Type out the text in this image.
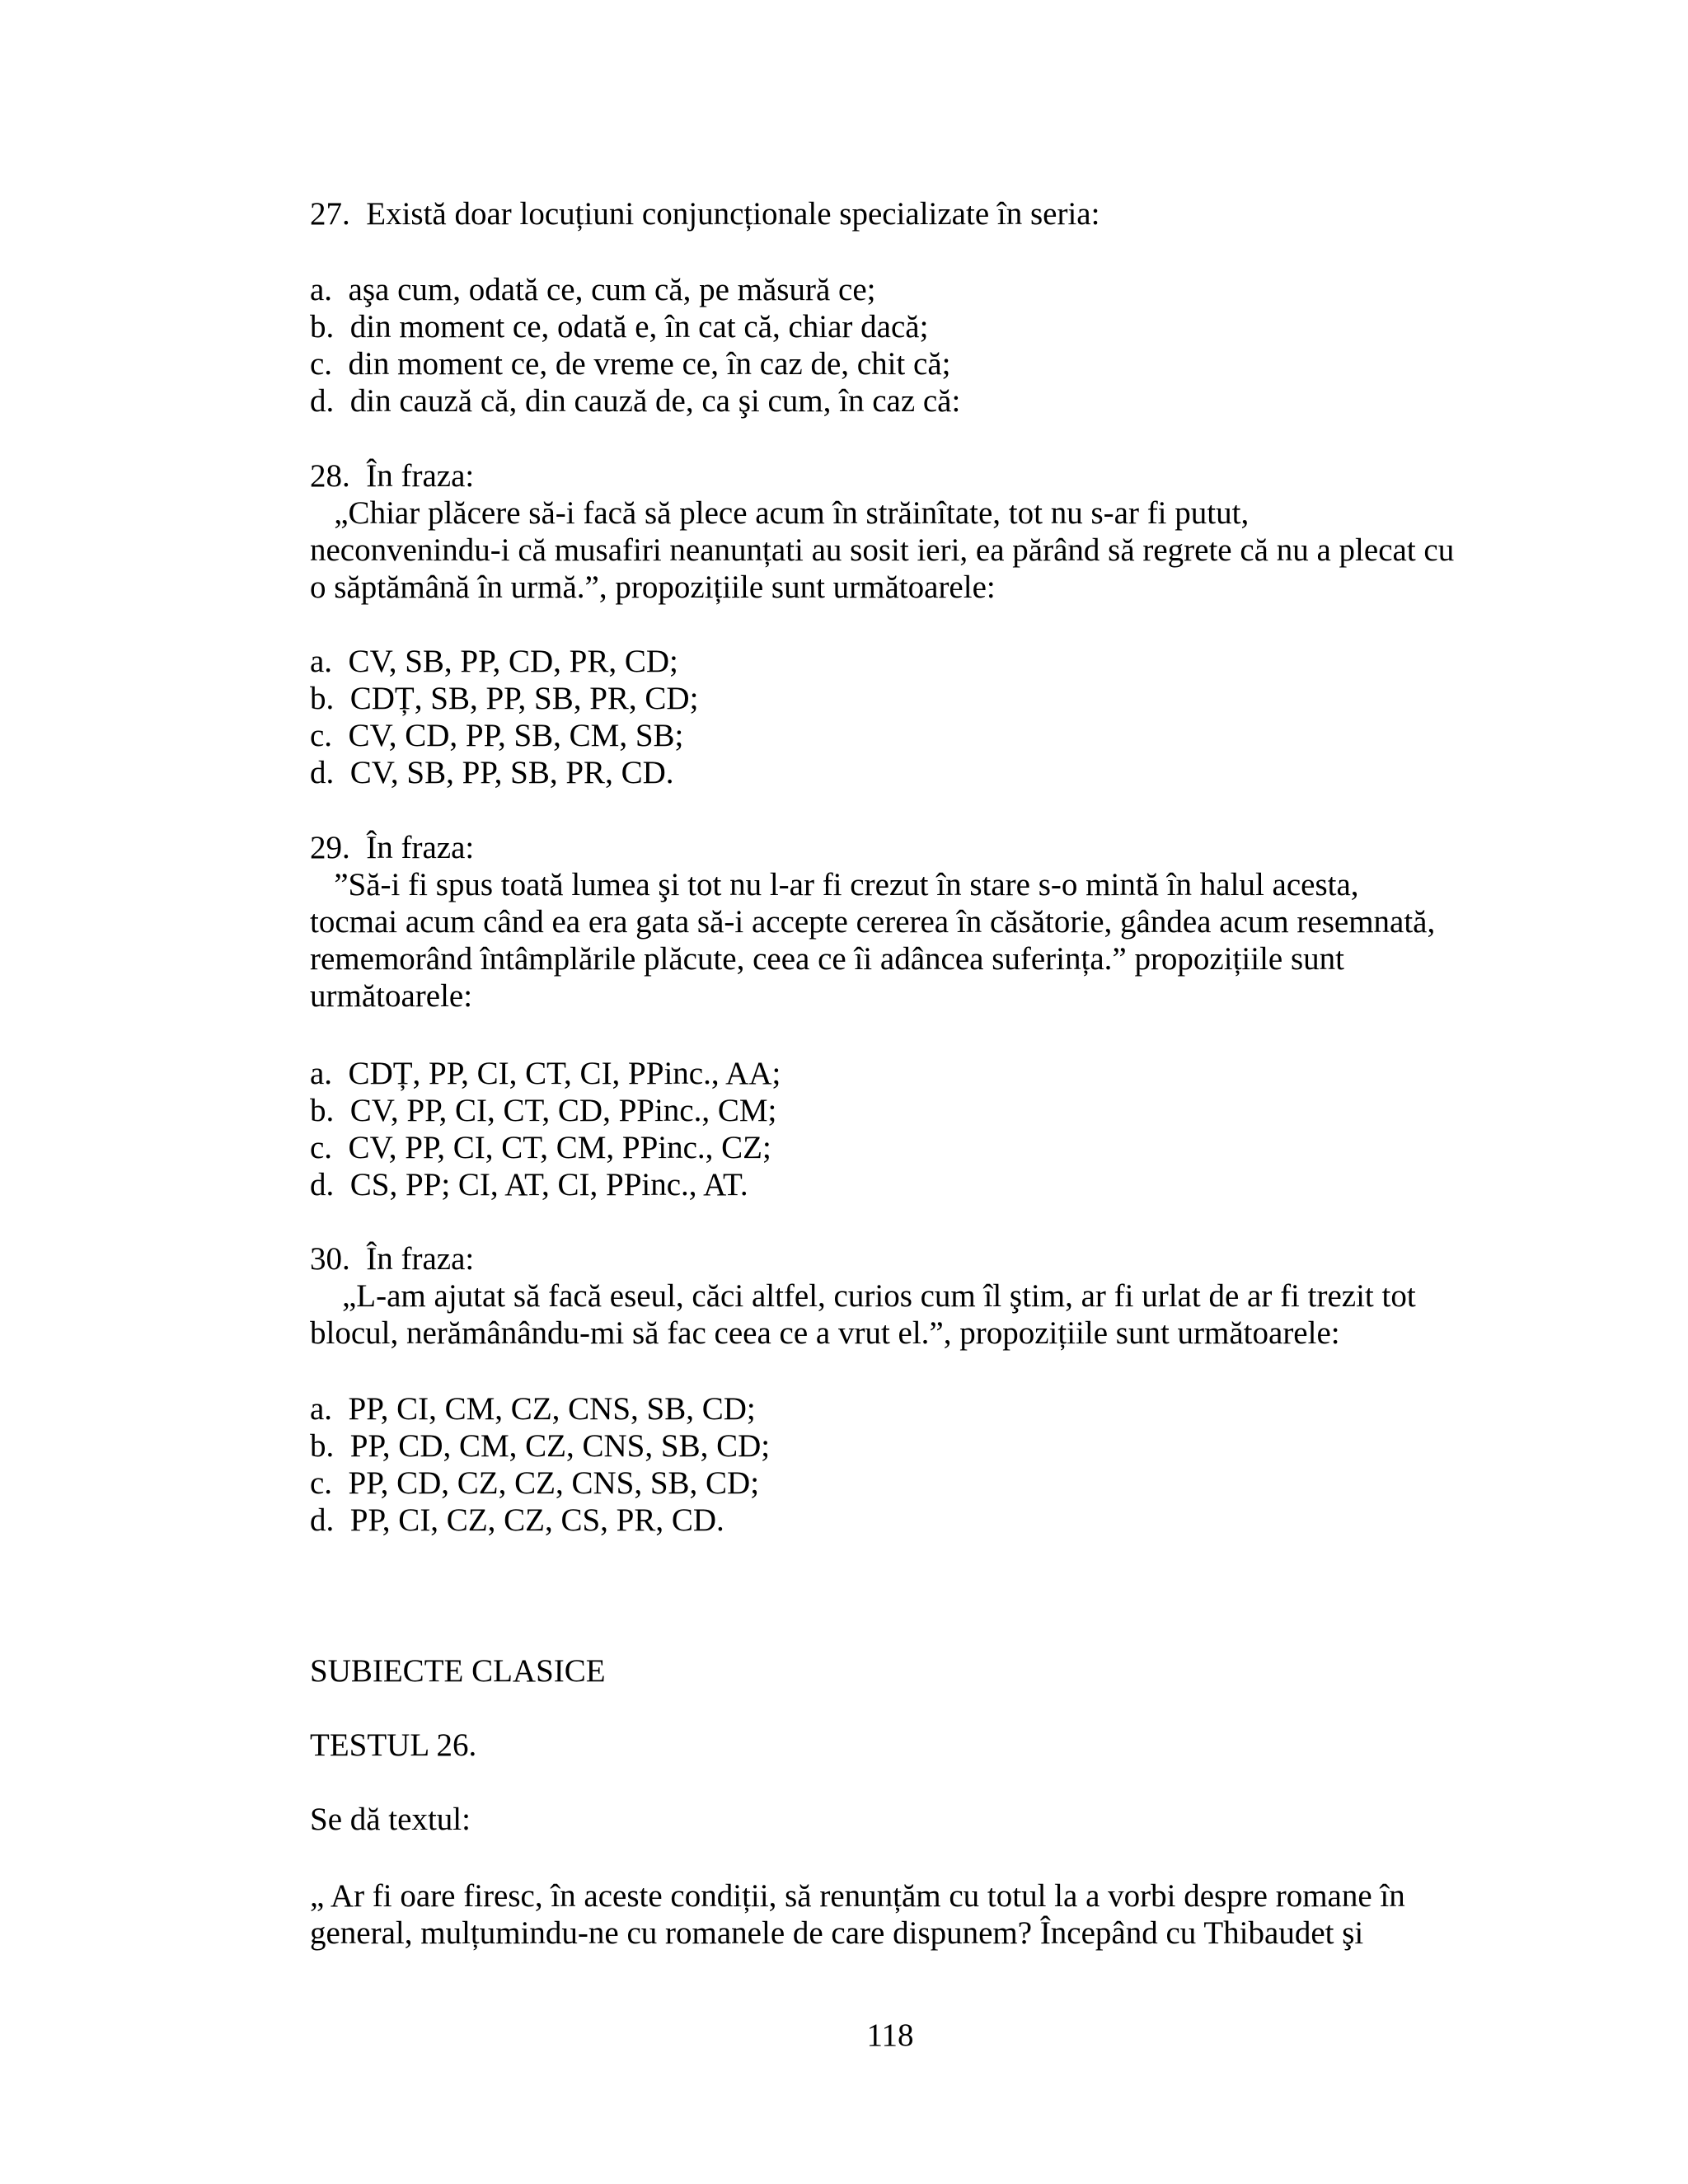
27.  Există doar locuțiuni conjuncționale specializate în seria:
a.  aşa cum, odată ce, cum că, pe măsură ce;
b.  din moment ce, odată e, în cat că, chiar dacă;
c.  din moment ce, de vreme ce, în caz de, chit că;
d.  din cauză că, din cauză de, ca şi cum, în caz că:
28.  În fraza:
„Chiar plăcere să-i facă să plece acum în străinîtate, tot nu s-ar fi putut,
neconvenindu-i că musafiri neanunțati au sosit ieri, ea părând să regrete că nu a plecat cu
o săptămână în urmă.”, propozițiile sunt următoarele:
a.  CV, SB, PP, CD, PR, CD;
b.  CDȚ, SB, PP, SB, PR, CD;
c.  CV, CD, PP, SB, CM, SB;
d.  CV, SB, PP, SB, PR, CD.
29.  În fraza:
”Să-i fi spus toată lumea şi tot nu l-ar fi crezut în stare s-o mintă în halul acesta,
tocmai acum când ea era gata să-i accepte cererea în căsătorie, gândea acum resemnată,
rememorând întâmplările plăcute, ceea ce îi adâncea suferința.” propozițiile sunt
următoarele:
a.  CDȚ, PP, CI, CT, CI, PPinc., AA;
b.  CV, PP, CI, CT, CD, PPinc., CM;
c.  CV, PP, CI, CT, CM, PPinc., CZ;
d.  CS, PP; CI, AT, CI, PPinc., AT.
30.  În fraza:
„L-am ajutat să facă eseul, căci altfel, curios cum îl ştim, ar fi urlat de ar fi trezit tot
blocul, nerămânându-mi să fac ceea ce a vrut el.”, propozițiile sunt următoarele:
a.  PP, CI, CM, CZ, CNS, SB, CD;
b.  PP, CD, CM, CZ, CNS, SB, CD;
c.  PP, CD, CZ, CZ, CNS, SB, CD;
d.  PP, CI, CZ, CZ, CS, PR, CD.
SUBIECTE CLASICE
TESTUL 26.
Se dă textul:
„ Ar fi oare firesc, în aceste condiții, să renunțăm cu totul la a vorbi despre romane în
general, mulțumindu-ne cu romanele de care dispunem? Începând cu Thibaudet şi
118
